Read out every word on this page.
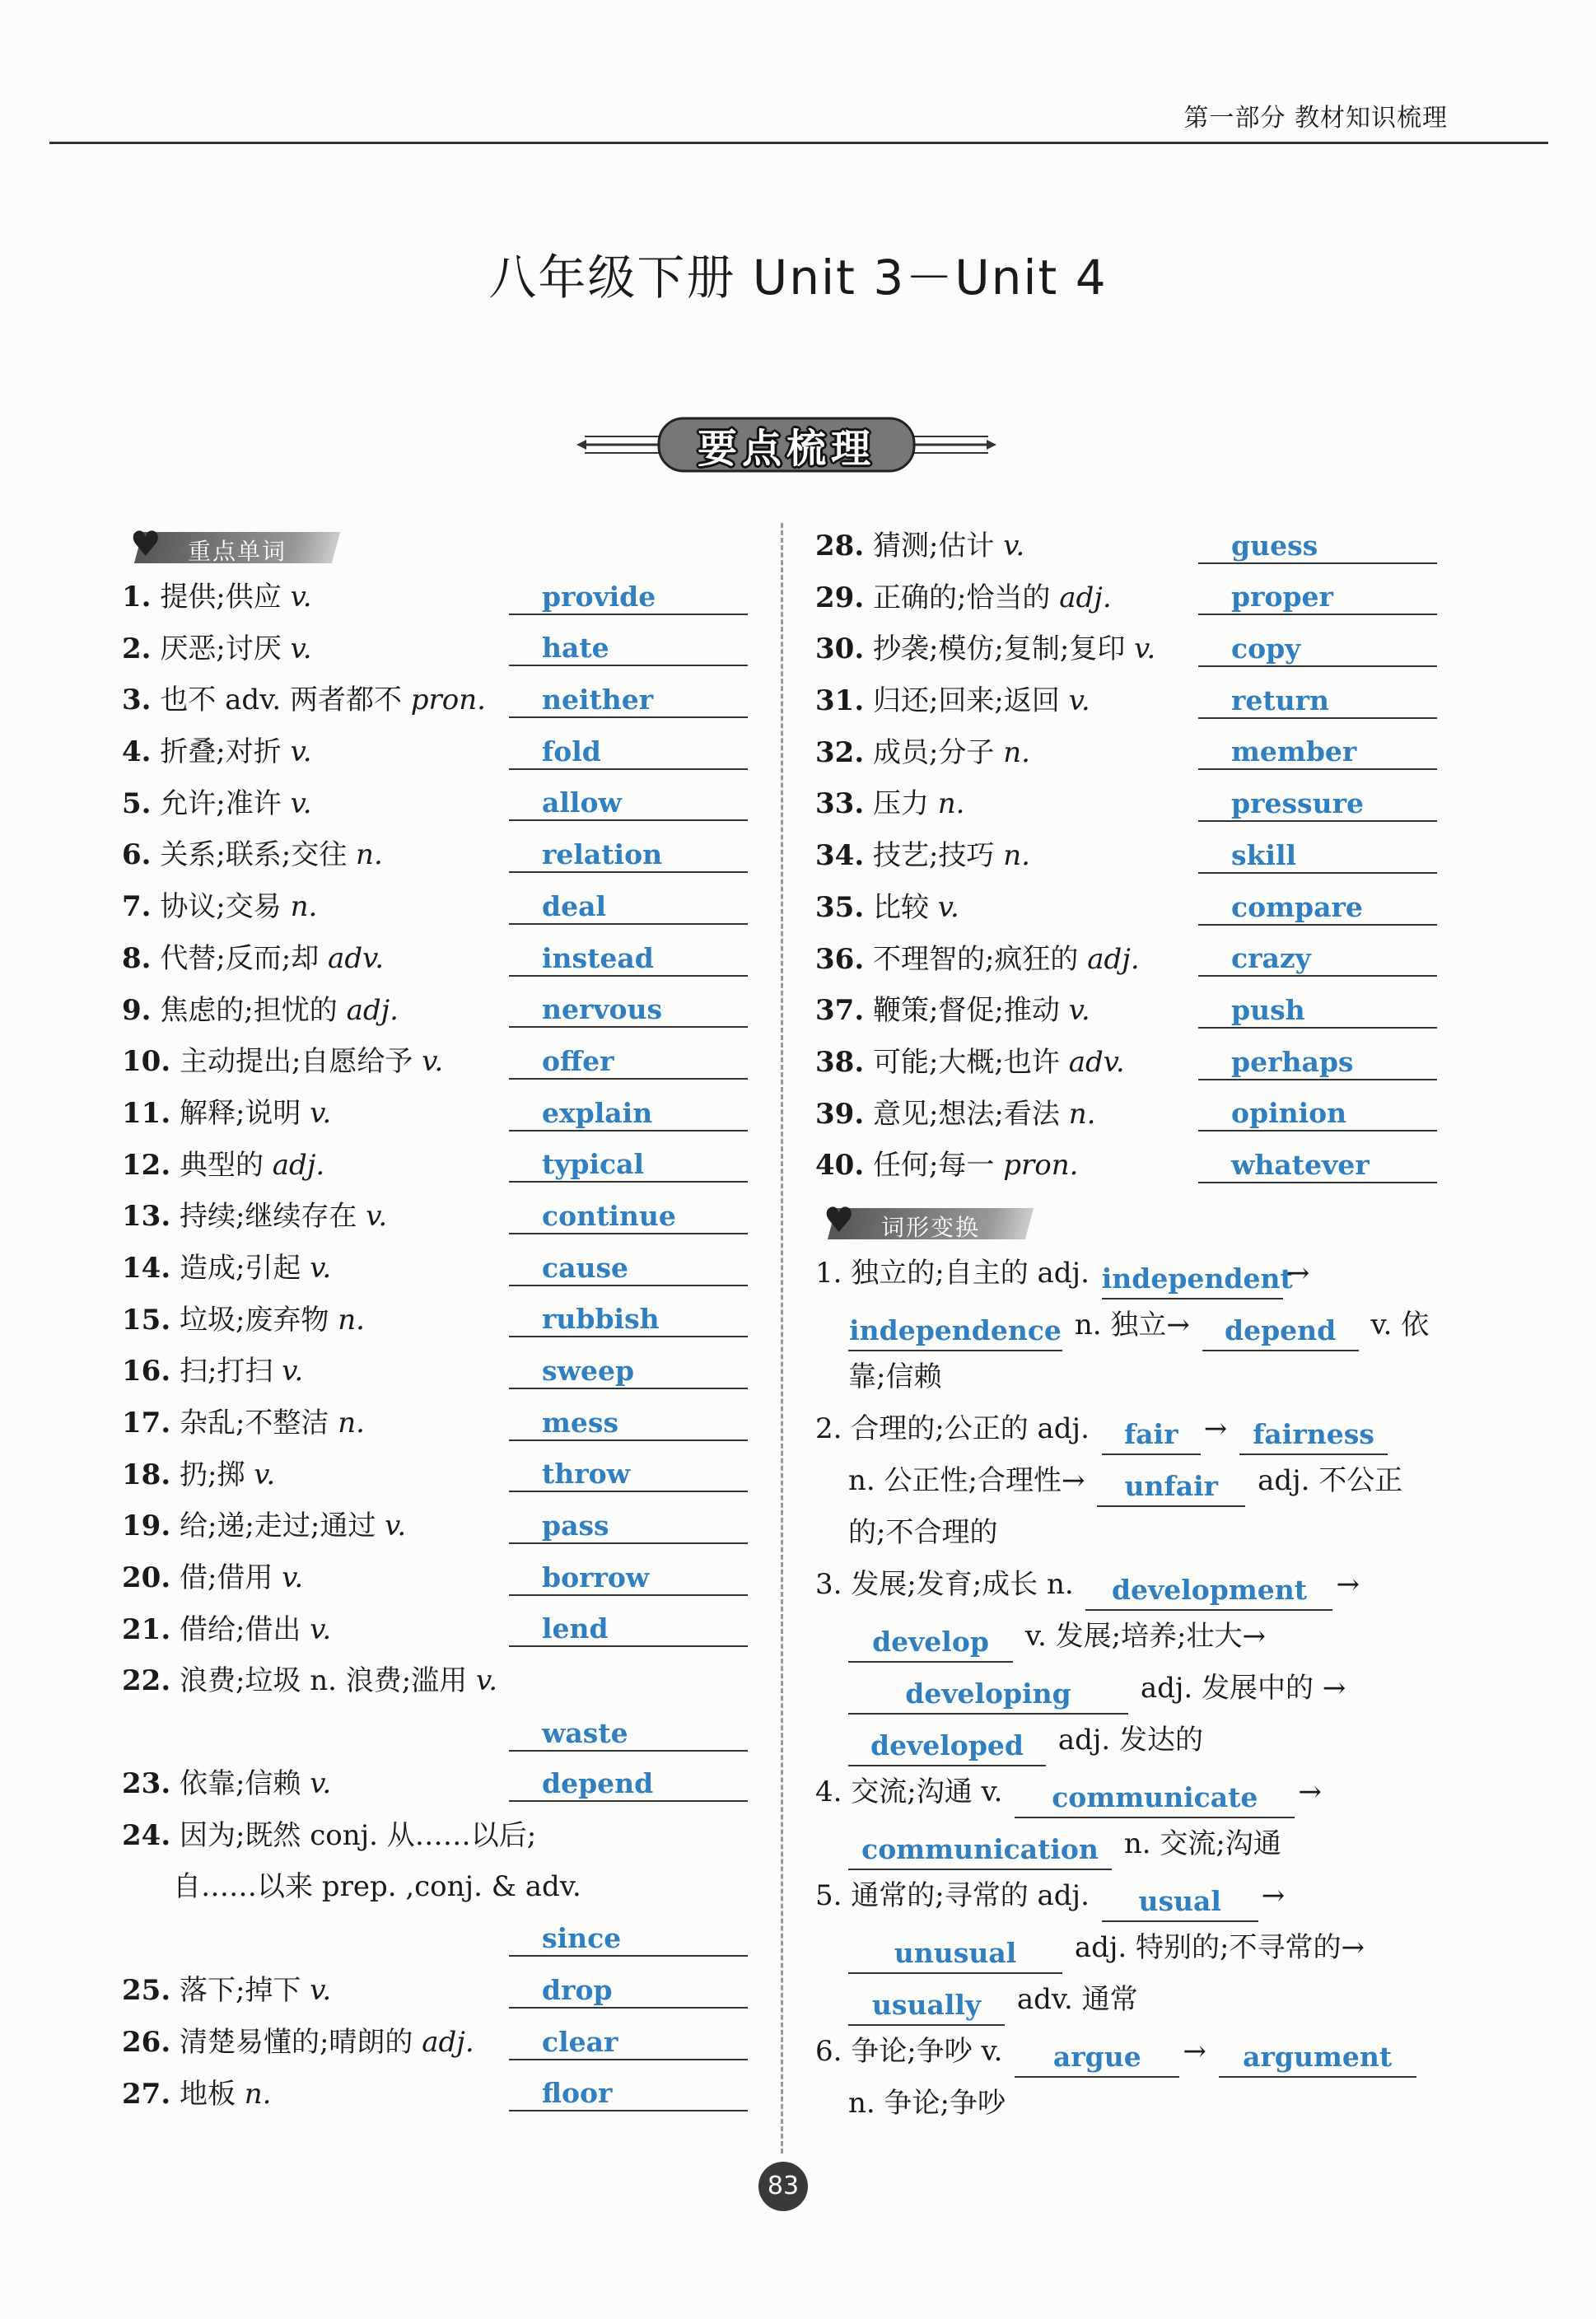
第一部分 教材知识梳理
八年级下册 Unit 3－Unit 4
要点梳理
♥ 重点单词
1. 提供;供应 v.	provide
2. 厌恶;讨厌 v.	hate
3. 也不 adv. 两者都不 pron.	neither
4. 折叠;对折 v.	fold
5. 允许;准许 v.	allow
6. 关系;联系;交往 n.	relation
7. 协议;交易 n.	deal
8. 代替;反而;却 adv.	instead
9. 焦虑的;担忧的 adj.	nervous
10. 主动提出;自愿给予 v.	offer
11. 解释;说明 v.	explain
12. 典型的 adj.	typical
13. 持续;继续存在 v.	continue
14. 造成;引起 v.	cause
15. 垃圾;废弃物 n.	rubbish
16. 扫;打扫 v.	sweep
17. 杂乱;不整洁 n.	mess
18. 扔;掷 v.	throw
19. 给;递;走过;通过 v.	pass
20. 借;借用 v.	borrow
21. 借给;借出 v.	lend
22. 浪费;垃圾 n. 浪费;滥用 v.
waste
23. 依靠;信赖 v.	depend
24. 因为;既然 conj. 从……以后;
自……以来 prep. ,conj. & adv.
since
25. 落下;掉下 v.	drop
26. 清楚易懂的;晴朗的 adj.	clear
27. 地板 n.	floor
28. 猜测;估计 v.	guess
29. 正确的;恰当的 adj.	proper
30. 抄袭;模仿;复制;复印 v.	copy
31. 归还;回来;返回 v.	return
32. 成员;分子 n.	member
33. 压力 n.	pressure
34. 技艺;技巧 n.	skill
35. 比较 v.	compare
36. 不理智的;疯狂的 adj.	crazy
37. 鞭策;督促;推动 v.	push
38. 可能;大概;也许 adv.	perhaps
39. 意见;想法;看法 n.	opinion
40. 任何;每一 pron.	whatever
♥ 词形变换
1. 独立的;自主的 adj. independent→
independence n. 独立→ depend v. 依
靠;信赖
2. 合理的;公正的 adj. fair → fairness
n. 公正性;合理性→ unfair adj. 不公正
的;不合理的
3. 发展;发育;成长 n. development →
develop v. 发展;培养;壮大→
developing adj. 发展中的 →
developed adj. 发达的
4. 交流;沟通 v. communicate →
communication n. 交流;沟通
5. 通常的;寻常的 adj. usual →
unusual adj. 特别的;不寻常的→
usually adv. 通常
6. 争论;争吵 v. argue → argument
n. 争论;争吵
83
